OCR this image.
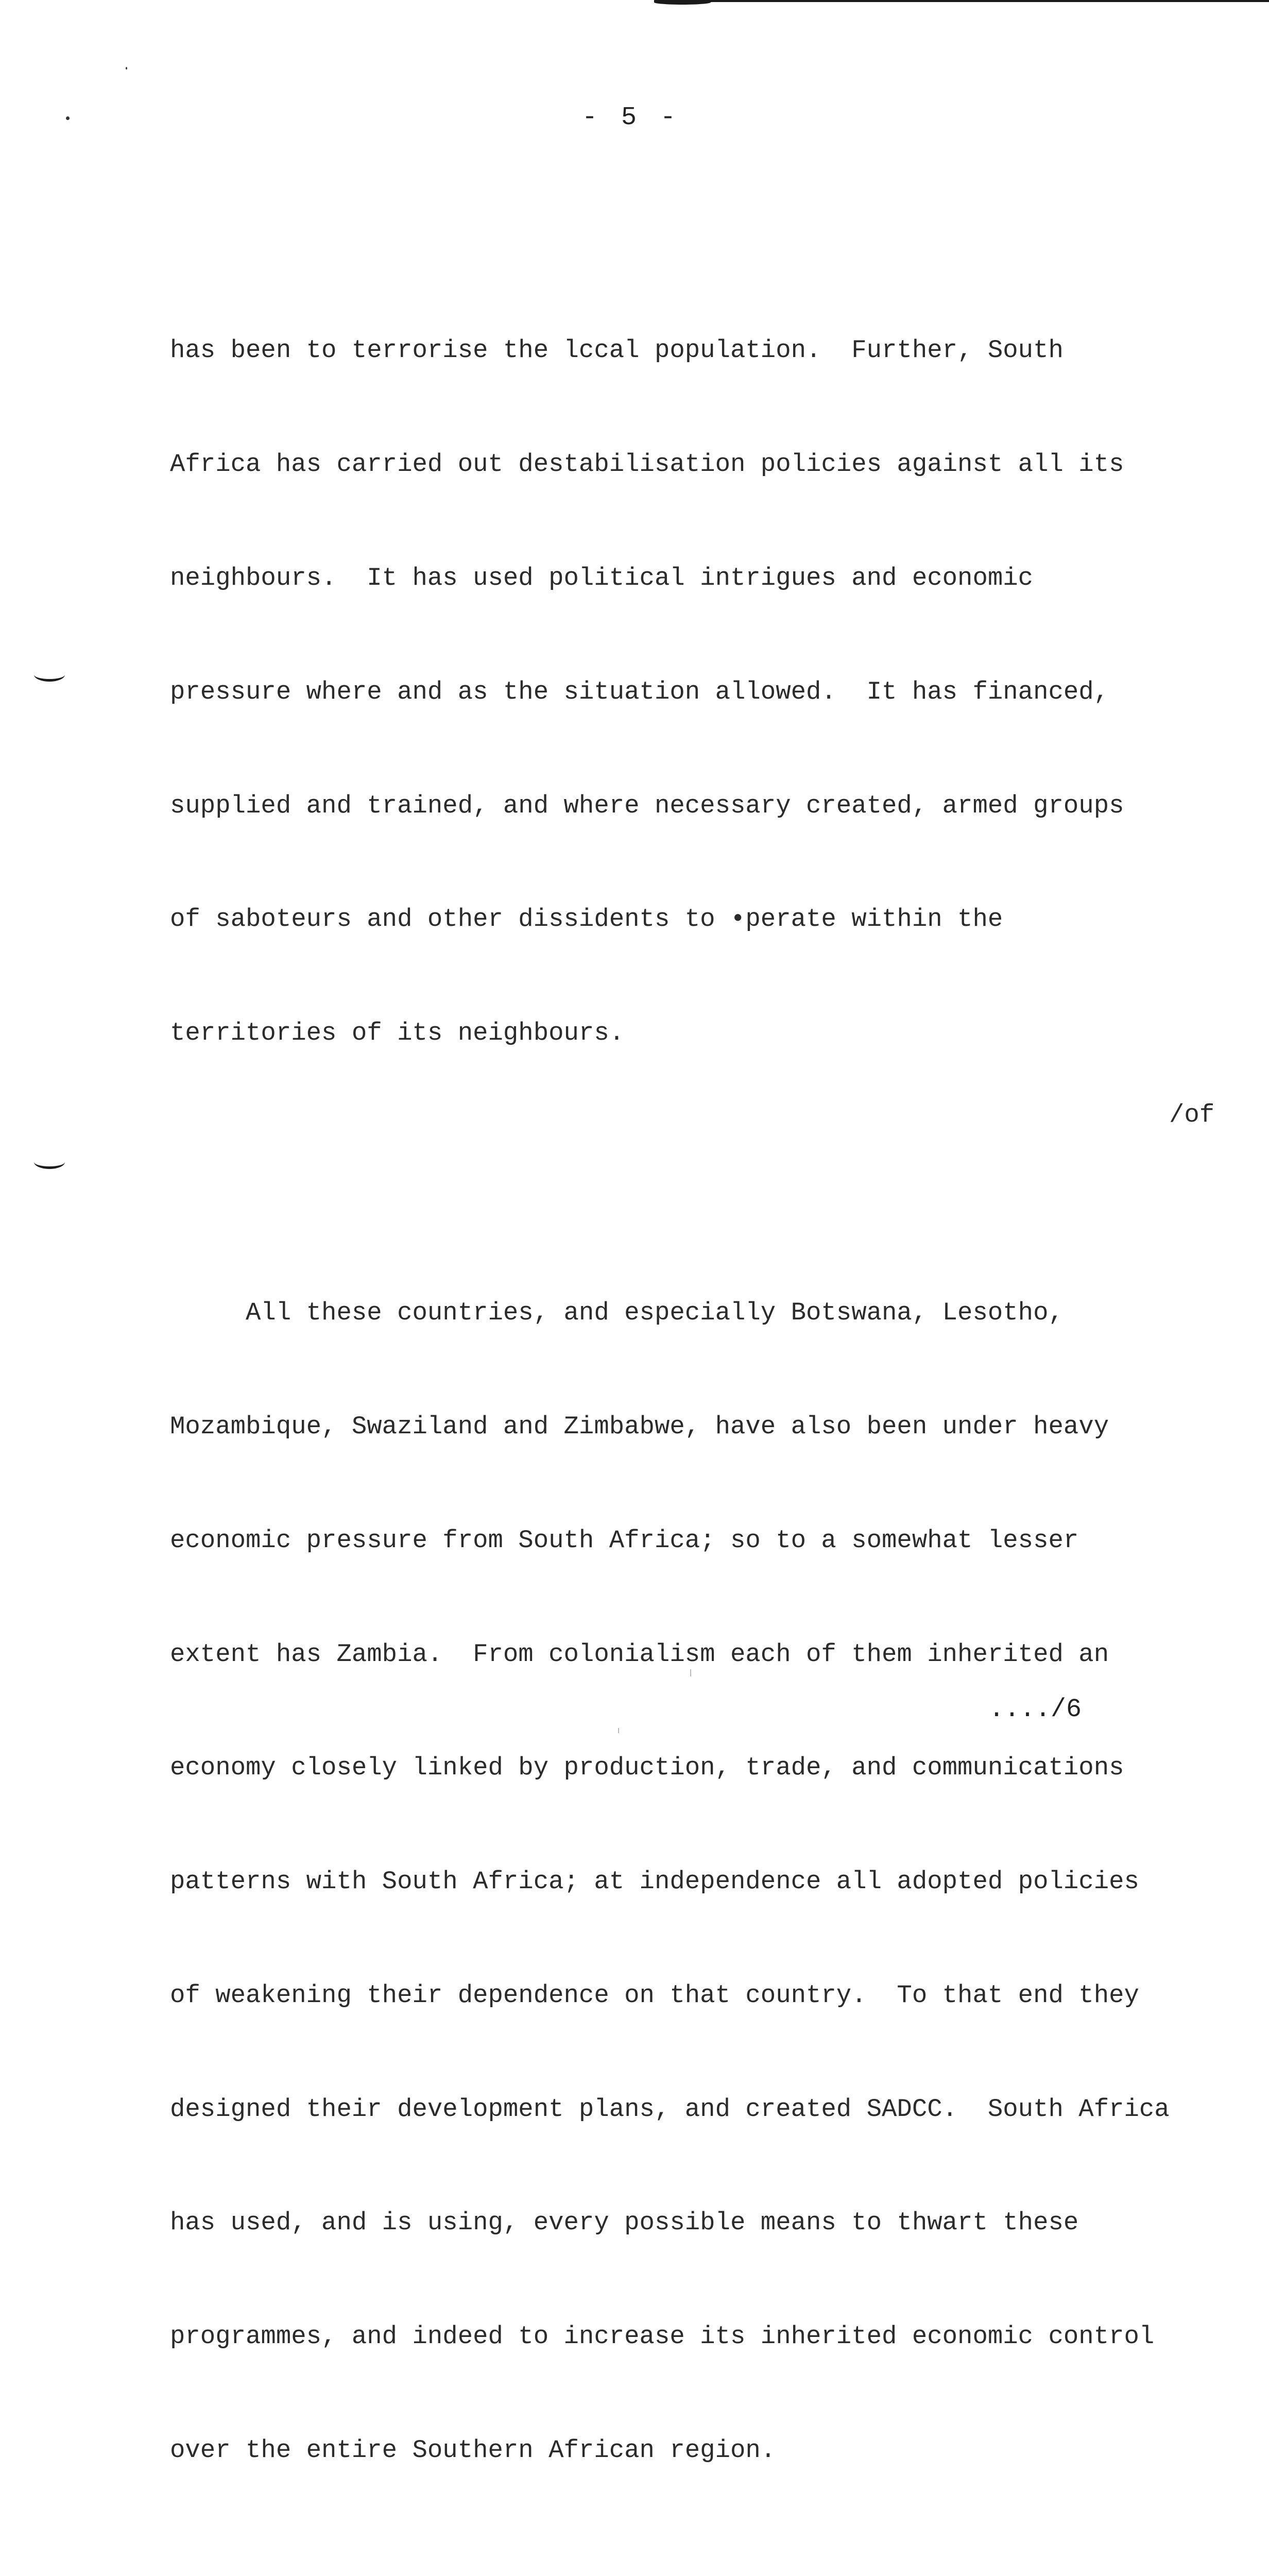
- 5 -

has been to terrorise the lccal population.  Further, South

Africa has carried out destabilisation policies against all its

neighbours.  It has used political intrigues and economic

pressure where and as the situation allowed.  It has financed,

supplied and trained, and where necessary created, armed groups

of saboteurs and other dissidents to •perate within the

territories of its neighbours.

All these countries, and especially Botswana, Lesotho,

Mozambique, Swaziland and Zimbabwe, have also been under heavy

economic pressure from South Africa; so to a somewhat lesser

extent has Zambia.  From colonialism each of them inherited an

economy closely linked by production, trade, and communications

patterns with South Africa; at independence all adopted policies

of weakening their dependence on that country.  To that end they

designed their development plans, and created SADCC.  South Africa

has used, and is using, every possible means to thwart these

programmes, and indeed to increase its inherited economic control

over the entire Southern African region.

/of
..../6
